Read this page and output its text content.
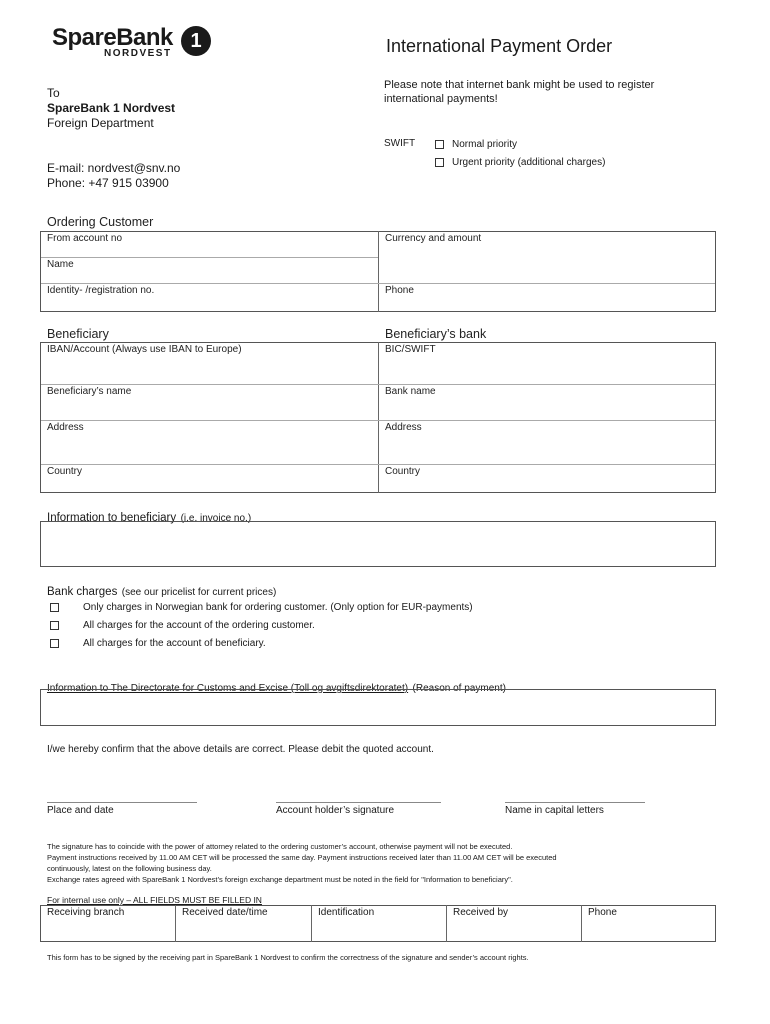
SpareBank
NORDVEST
1	International Payment Order
To
SpareBank 1 Nordvest
Foreign Department
E-mail: nordvest@snv.no
Phone: +47 915 03900
Please note that internet bank might be used to register
international payments!
SWIFT	Normal priority
Urgent priority (additional charges)
Ordering Customer
From account no	Currency and amount
Name
Identity- /registration no.	Phone
Beneficiary	Beneficiary’s bank
IBAN/Account (Always use IBAN to Europe)	BIC/SWIFT
Beneficiary’s name	Bank name
Address	Address
Country	Country
Information to beneficiary (i.e. invoice no.)
Bank charges (see our pricelist for current prices)
Only charges in Norwegian bank for ordering customer. (Only option for EUR-payments)
All charges for the account of the ordering customer.
All charges for the account of beneficiary.
Information to The Directorate for Customs and Excise (Toll og avgiftsdirektoratet) (Reason of payment)
I/we hereby confirm that the above details are correct. Please debit the quoted account.
Place and date	Account holder’s signature	Name in capital letters
The signature has to coincide with the power of attorney related to the ordering customer’s account, otherwise payment will not be executed.
Payment instructions received by 11.00 AM CET will be processed the same day. Payment instructions received later than 11.00 AM CET will be executed
continuously, latest on the following business day.
Exchange rates agreed with SpareBank 1 Nordvest’s foreign exchange department must be noted in the field for "Information to beneficiary".
For internal use only – ALL FIELDS MUST BE FILLED IN
Receiving branch	Received date/time	Identification	Received by	Phone
This form has to be signed by the receiving part in SpareBank 1 Nordvest to confirm the correctness of the signature and sender’s account rights.
